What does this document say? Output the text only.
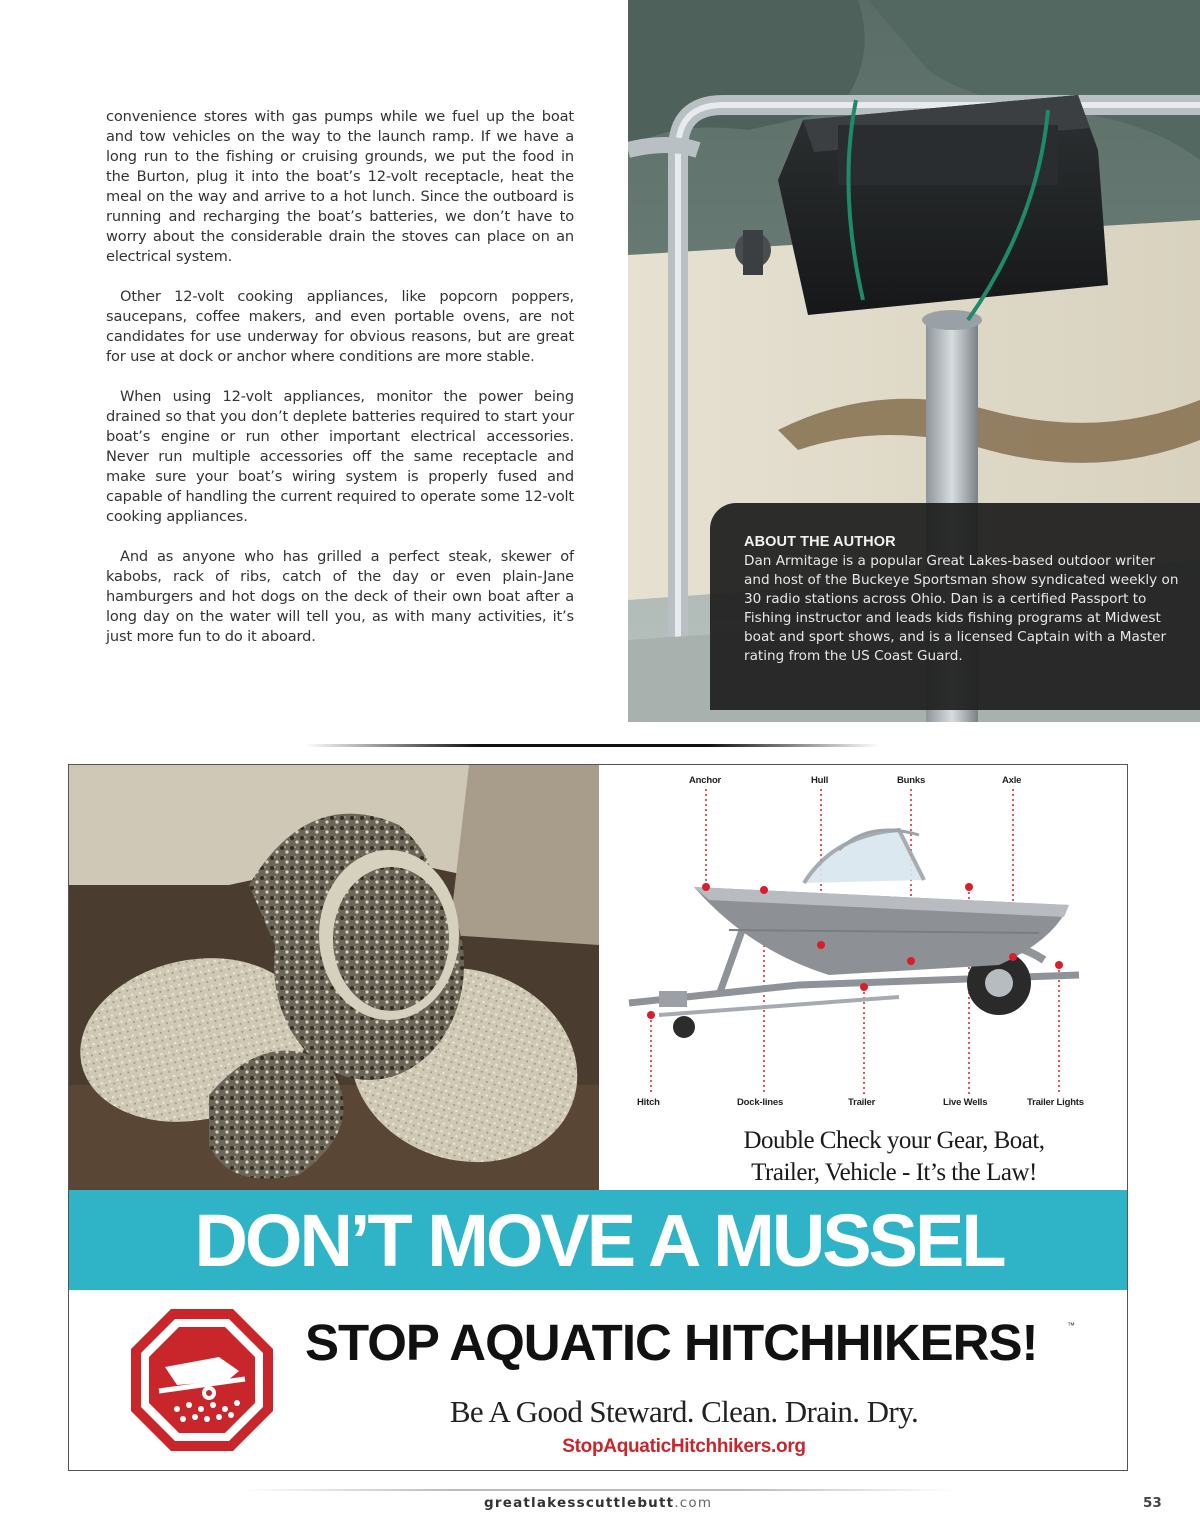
convenience stores with gas pumps while we fuel up the boat and tow vehicles on the way to the launch ramp. If we have a long run to the fishing or cruising grounds, we put the food in the Burton, plug it into the boat’s 12-volt receptacle, heat the meal on the way and arrive to a hot lunch. Since the outboard is running and recharging the boat’s batteries, we don’t have to worry about the considerable drain the stoves can place on an electrical system.

Other 12-volt cooking appliances, like popcorn poppers, saucepans, coffee makers, and even portable ovens, are not candidates for use underway for obvious reasons, but are great for use at dock or anchor where conditions are more stable.

When using 12-volt appliances, monitor the power being drained so that you don’t deplete batteries required to start your boat’s engine or run other important electrical accessories. Never run multiple accessories off the same receptacle and make sure your boat’s wiring system is properly fused and capable of handling the current required to operate some 12-volt cooking appliances.

And as anyone who has grilled a perfect steak, skewer of kabobs, rack of ribs, catch of the day or even plain-Jane hamburgers and hot dogs on the deck of their own boat after a long day on the water will tell you, as with many activities, it’s just more fun to do it aboard.

ABOUT THE AUTHOR

Dan Armitage is a popular Great Lakes-based outdoor writer and host of the Buckeye Sportsman show syndicated weekly on 30 radio stations across Ohio. Dan is a certified Passport to Fishing instructor and leads kids fishing programs at Midwest boat and sport shows, and is a licensed Captain with a Master rating from the US Coast Guard.

Anchor	Hull	Bunks	Axle
Hitch	Dock-lines	Trailer	Live Wells	Trailer Lights
Double Check your Gear, Boat,
Trailer, Vehicle - It’s the Law!
DON’T MOVE A MUSSEL
STOP AQUATIC HITCHHIKERS!	™
Be A Good Steward. Clean. Drain. Dry.
StopAquaticHitchhikers.org
greatlakesscuttlebutt.com	53
